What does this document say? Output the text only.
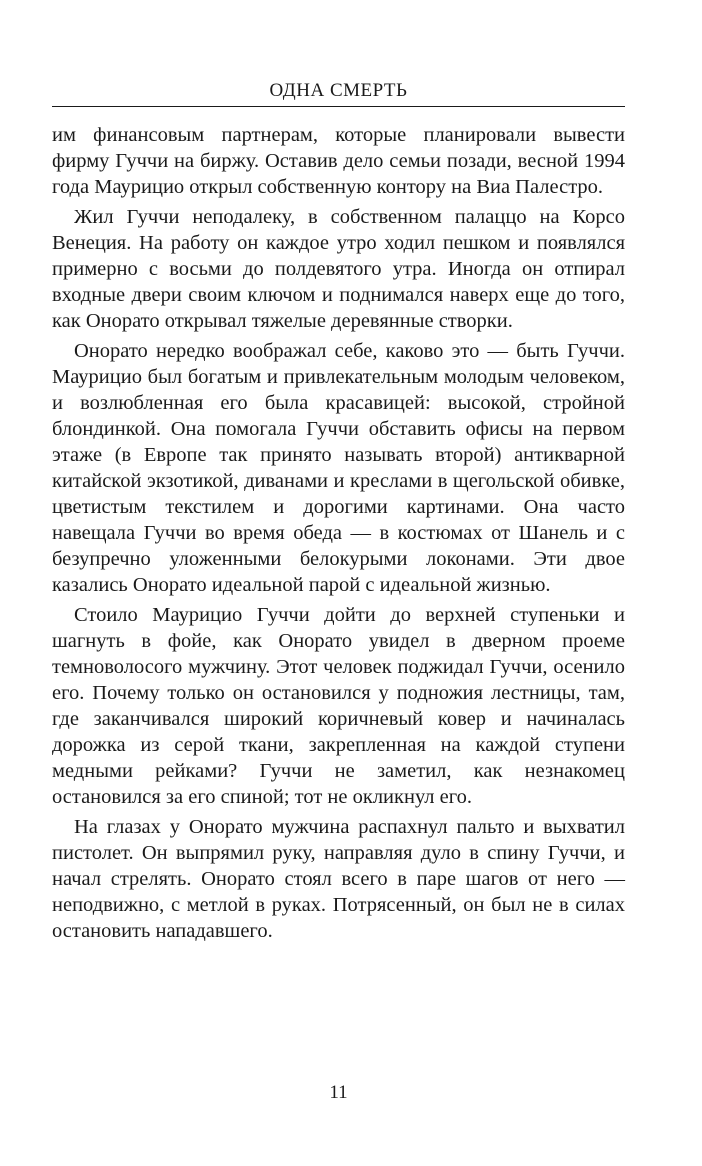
ОДНА СМЕРТЬ

им финансовым партнерам, которые планировали вывести фирму Гуччи на биржу. Оставив дело семьи позади, весной 1994 года Маурицио открыл собственную контору на Виа Палестро.

Жил Гуччи неподалеку, в собственном палаццо на Корсо Венеция. На работу он каждое утро ходил пешком и появлялся примерно с восьми до полдевятого утра. Иногда он отпирал входные двери своим ключом и поднимался наверх еще до того, как Онорато открывал тяжелые деревянные створки.

Онорато нередко воображал себе, каково это — быть Гуччи. Маурицио был богатым и привлекательным молодым человеком, и возлюбленная его была красавицей: высокой, стройной блондинкой. Она помогала Гуччи обставить офисы на первом этаже (в Европе так принято называть второй) антикварной китайской экзотикой, диванами и креслами в щегольской обивке, цветистым текстилем и дорогими картинами. Она часто навещала Гуччи во время обеда — в костюмах от Шанель и с безупречно уложенными белокурыми локонами. Эти двое казались Онорато идеальной парой с идеальной жизнью.

Стоило Маурицио Гуччи дойти до верхней ступеньки и шагнуть в фойе, как Онорато увидел в дверном проеме темноволосого мужчину. Этот человек поджидал Гуччи, осенило его. Почему только он остановился у подножия лестницы, там, где заканчивался широкий коричневый ковер и начиналась дорожка из серой ткани, закрепленная на каждой ступени медными рейками? Гуччи не заметил, как незнакомец остановился за его спиной; тот не окликнул его.

На глазах у Онорато мужчина распахнул пальто и выхватил пистолет. Он выпрямил руку, направляя дуло в спину Гуччи, и начал стрелять. Онорато стоял всего в паре шагов от него — неподвижно, с метлой в руках. Потрясенный, он был не в силах остановить нападавшего.

11
